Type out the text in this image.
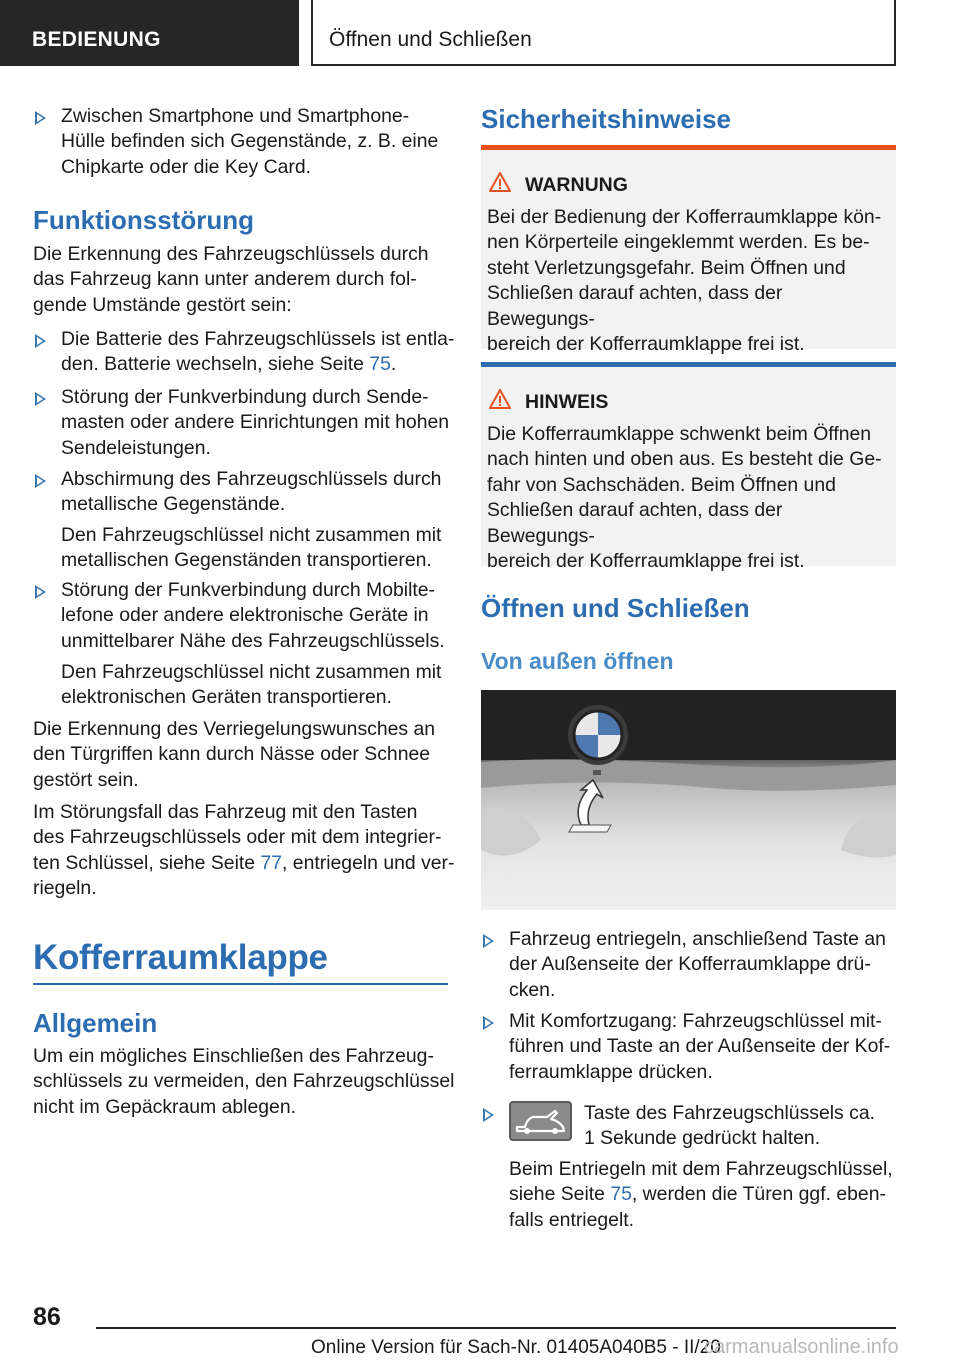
BEDIENUNG	Öffnen und Schließen
Zwischen Smartphone und Smartphone-
Hülle befinden sich Gegenstände, z. B. eine
Chipkarte oder die Key Card.
Funktionsstörung
Die Erkennung des Fahrzeugschlüssels durch
das Fahrzeug kann unter anderem durch fol-
gende Umstände gestört sein:
Die Batterie des Fahrzeugschlüssels ist entla-
den. Batterie wechseln, siehe Seite 75.
Störung der Funkverbindung durch Sende-
masten oder andere Einrichtungen mit hohen
Sendeleistungen.
Abschirmung des Fahrzeugschlüssels durch
metallische Gegenstände.
Den Fahrzeugschlüssel nicht zusammen mit
metallischen Gegenständen transportieren.
Störung der Funkverbindung durch Mobilte-
lefone oder andere elektronische Geräte in
unmittelbarer Nähe des Fahrzeugschlüssels.
Den Fahrzeugschlüssel nicht zusammen mit
elektronischen Geräten transportieren.
Die Erkennung des Verriegelungswunsches an
den Türgriffen kann durch Nässe oder Schnee
gestört sein.
Im Störungsfall das Fahrzeug mit den Tasten
des Fahrzeugschlüssels oder mit dem integrier-
ten Schlüssel, siehe Seite 77, entriegeln und ver-
riegeln.
Kofferraumklappe
Allgemein
Um ein mögliches Einschließen des Fahrzeug-
schlüssels zu vermeiden, den Fahrzeugschlüssel
nicht im Gepäckraum ablegen.
Sicherheitshinweise
WARNUNG
Bei der Bedienung der Kofferraumklappe kön-
nen Körperteile eingeklemmt werden. Es be-
steht Verletzungsgefahr. Beim Öffnen und
Schließen darauf achten, dass der Bewegungs-
bereich der Kofferraumklappe frei ist.
HINWEIS
Die Kofferraumklappe schwenkt beim Öffnen
nach hinten und oben aus. Es besteht die Ge-
fahr von Sachschäden. Beim Öffnen und
Schließen darauf achten, dass der Bewegungs-
bereich der Kofferraumklappe frei ist.
Öffnen und Schließen
Von außen öffnen
Fahrzeug entriegeln, anschließend Taste an
der Außenseite der Kofferraumklappe drü-
cken.
Mit Komfortzugang: Fahrzeugschlüssel mit-
führen und Taste an der Außenseite der Kof-
ferraumklappe drücken.
Taste des Fahrzeugschlüssels ca.
1 Sekunde gedrückt halten.
Beim Entriegeln mit dem Fahrzeugschlüssel,
siehe Seite 75, werden die Türen ggf. eben-
falls entriegelt.
86
Online Version für Sach-Nr. 01405A040B5 - II/20
carmanualsonline.info
